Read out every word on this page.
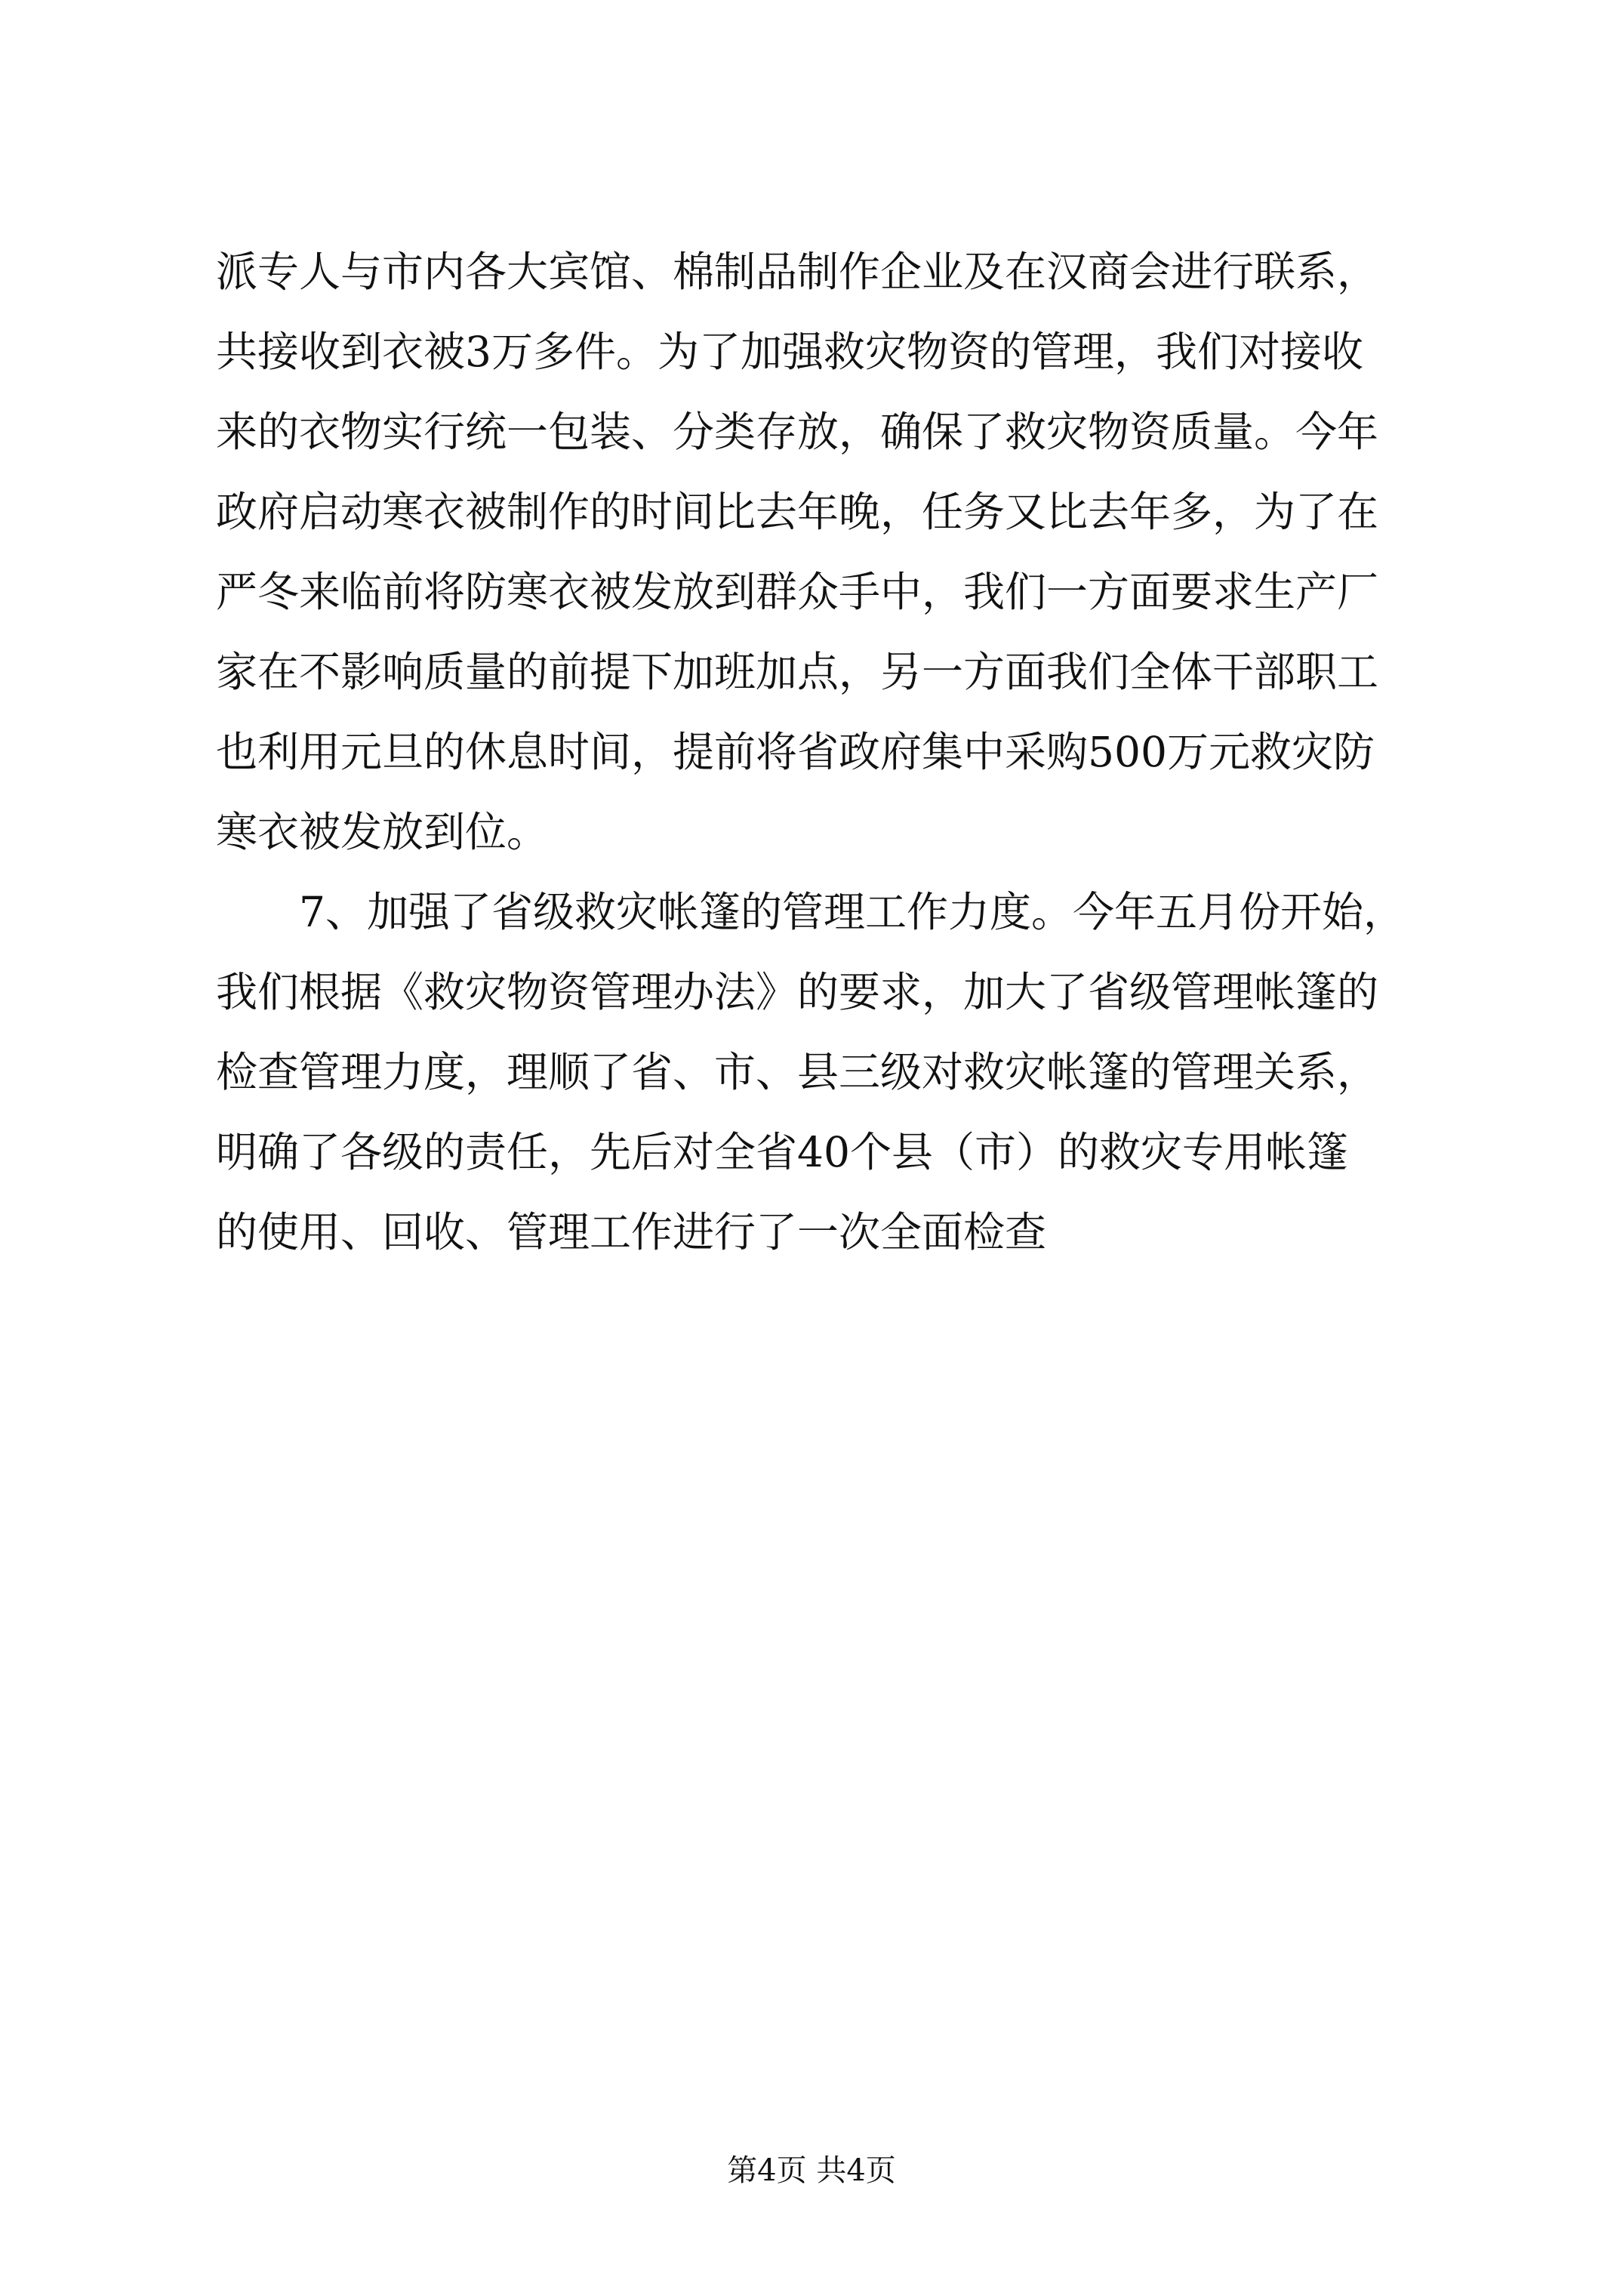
派专人与市内各大宾馆、棉制品制作企业及在汉商会进行联系，
共接收到衣被3万多件。为了加强救灾物资的管理，我们对接收
来的衣物实行统一包装、分类存放，确保了救灾物资质量。今年
政府启动寒衣被制作的时间比去年晚，任务又比去年多，为了在
严冬来临前将防寒衣被发放到群众手中，我们一方面要求生产厂
家在不影响质量的前提下加班加点，另一方面我们全体干部职工
也利用元旦的休息时间，提前将省政府集中采购500万元救灾防
寒衣被发放到位。
7、加强了省级救灾帐篷的管理工作力度。今年五月份开始，
我们根据《救灾物资管理办法》的要求，加大了省级管理帐篷的
检查管理力度，理顺了省、市、县三级对救灾帐篷的管理关系，
明确了各级的责任，先后对全省40个县（市）的救灾专用帐篷
的使用、回收、管理工作进行了一次全面检查
第4页 共4页
